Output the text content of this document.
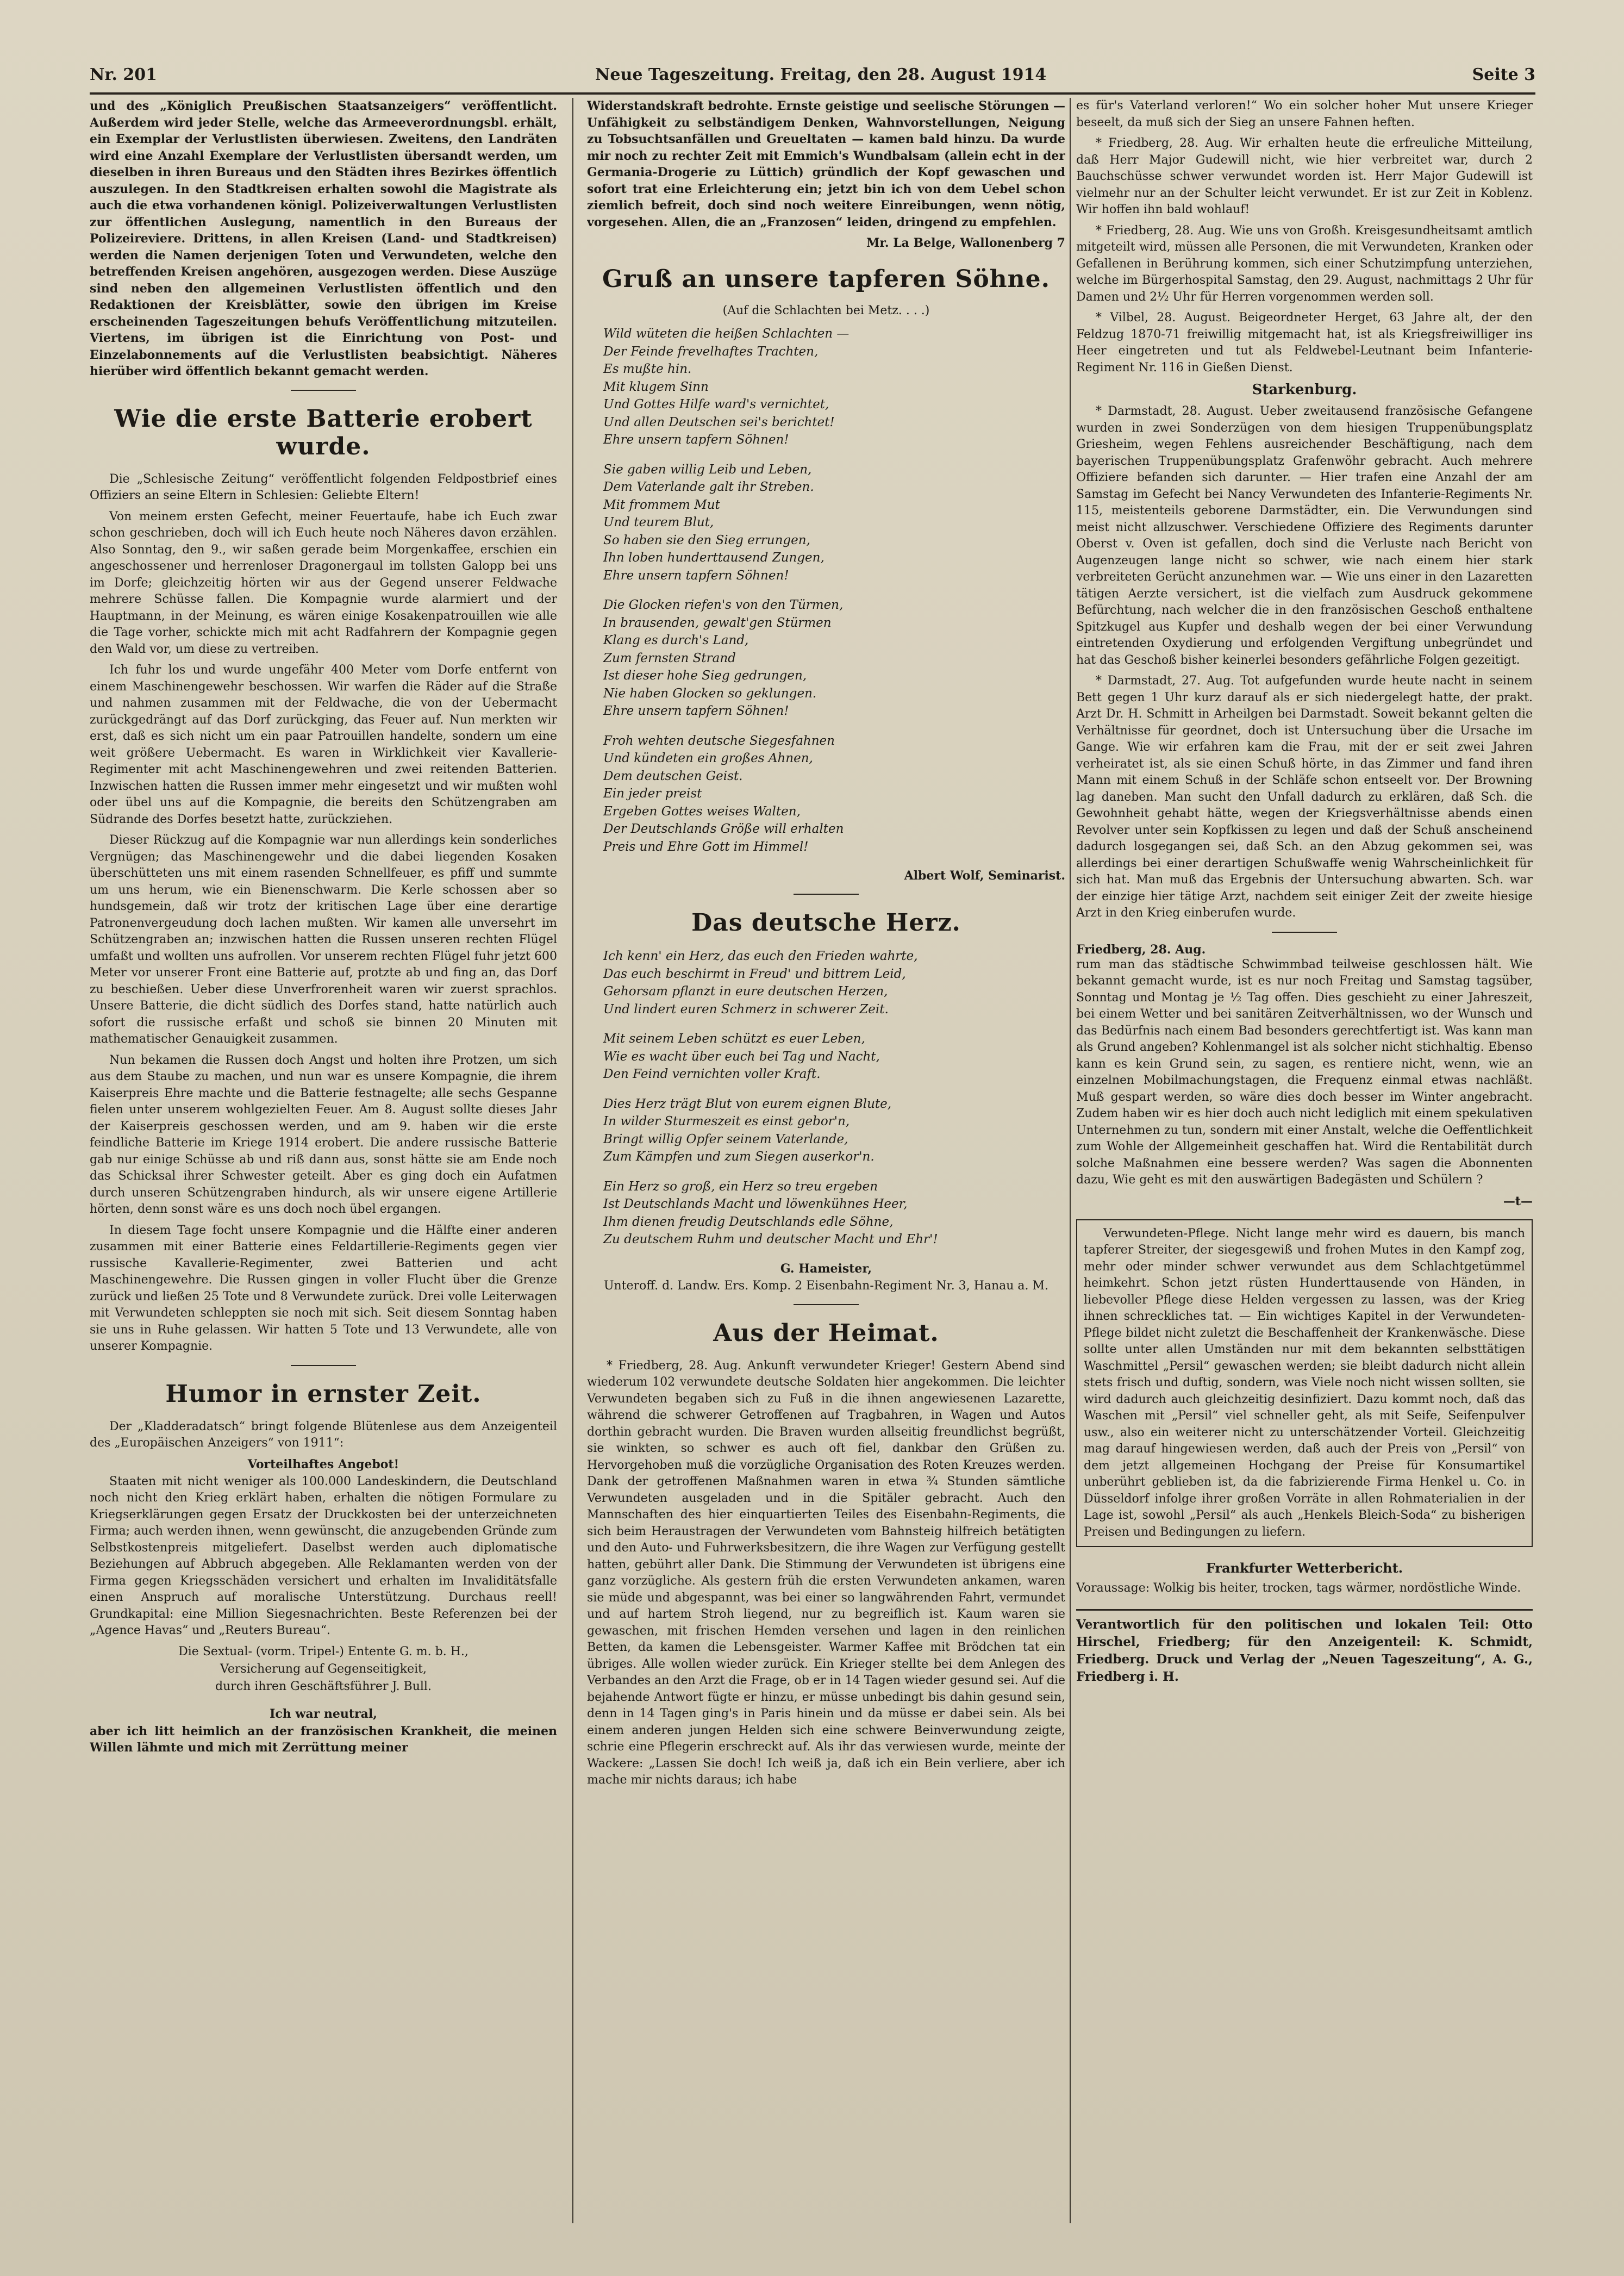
Nr. 201	Neue Tageszeitung. Freitag, den 28. August 1914	Seite 3

und des „Königlich Preußischen Staatsanzeigers“ veröffentlicht. Außerdem wird jeder Stelle, welche das Armeeverordnungsbl. erhält, ein Exemplar der Verlustlisten überwiesen. Zweitens, den Landräten wird eine Anzahl Exemplare der Verlustlisten übersandt werden, um dieselben in ihren Bureaus und den Städten ihres Bezirkes öffentlich auszulegen. In den Stadtkreisen erhalten sowohl die Magistrate als auch die etwa vorhandenen königl. Polizeiverwaltungen Verlustlisten zur öffentlichen Auslegung, namentlich in den Bureaus der Polizeireviere. Drittens, in allen Kreisen (Land- und Stadtkreisen) werden die Namen derjenigen Toten und Verwundeten, welche den betreffenden Kreisen angehören, ausgezogen werden. Diese Auszüge sind neben den allgemeinen Verlustlisten öffentlich und den Redaktionen der Kreisblätter, sowie den übrigen im Kreise erscheinenden Tageszeitungen behufs Veröffentlichung mitzuteilen. Viertens, im übrigen ist die Einrichtung von Post- und Einzelabonnements auf die Verlustlisten beabsichtigt. Näheres hierüber wird öffentlich bekannt gemacht werden.

Wie die erste Batterie erobert wurde.

Die „Schlesische Zeitung“ veröffentlicht folgenden Feldpostbrief eines Offiziers an seine Eltern in Schlesien: Geliebte Eltern!

Von meinem ersten Gefecht, meiner Feuertaufe, habe ich Euch zwar schon geschrieben, doch will ich Euch heute noch Näheres davon erzählen. Also Sonntag, den 9., wir saßen gerade beim Morgenkaffee, erschien ein angeschossener und herrenloser Dragonergaul im tollsten Galopp bei uns im Dorfe; gleichzeitig hörten wir aus der Gegend unserer Feldwache mehrere Schüsse fallen. Die Kompagnie wurde alarmiert und der Hauptmann, in der Meinung, es wären einige Kosakenpatrouillen wie alle die Tage vorher, schickte mich mit acht Radfahrern der Kompagnie gegen den Wald vor, um diese zu vertreiben.

Ich fuhr los und wurde ungefähr 400 Meter vom Dorfe entfernt von einem Maschinengewehr beschossen. Wir warfen die Räder auf die Straße und nahmen zusammen mit der Feldwache, die von der Uebermacht zurückgedrängt auf das Dorf zurückging, das Feuer auf. Nun merkten wir erst, daß es sich nicht um ein paar Patrouillen handelte, sondern um eine weit größere Uebermacht. Es waren in Wirklichkeit vier Kavallerie-Regimenter mit acht Maschinengewehren und zwei reitenden Batterien. Inzwischen hatten die Russen immer mehr eingesetzt und wir mußten wohl oder übel uns auf die Kompagnie, die bereits den Schützengraben am Südrande des Dorfes besetzt hatte, zurückziehen.

Dieser Rückzug auf die Kompagnie war nun allerdings kein sonderliches Vergnügen; das Maschinengewehr und die dabei liegenden Kosaken überschütteten uns mit einem rasenden Schnellfeuer, es pfiff und summte um uns herum, wie ein Bienenschwarm. Die Kerle schossen aber so hundsgemein, daß wir trotz der kritischen Lage über eine derartige Patronenvergeudung doch lachen mußten. Wir kamen alle unversehrt im Schützengraben an; inzwischen hatten die Russen unseren rechten Flügel umfaßt und wollten uns aufrollen. Vor unserem rechten Flügel fuhr jetzt 600 Meter vor unserer Front eine Batterie auf, protzte ab und fing an, das Dorf zu beschießen. Ueber diese Unverfrorenheit waren wir zuerst sprachlos. Unsere Batterie, die dicht südlich des Dorfes stand, hatte natürlich auch sofort die russische erfaßt und schoß sie binnen 20 Minuten mit mathematischer Genauigkeit zusammen.

Nun bekamen die Russen doch Angst und holten ihre Protzen, um sich aus dem Staube zu machen, und nun war es unsere Kompagnie, die ihrem Kaiserpreis Ehre machte und die Batterie festnagelte; alle sechs Gespanne fielen unter unserem wohlgezielten Feuer. Am 8. August sollte dieses Jahr der Kaiserpreis geschossen werden, und am 9. haben wir die erste feindliche Batterie im Kriege 1914 erobert. Die andere russische Batterie gab nur einige Schüsse ab und riß dann aus, sonst hätte sie am Ende noch das Schicksal ihrer Schwester geteilt. Aber es ging doch ein Aufatmen durch unseren Schützengraben hindurch, als wir unsere eigene Artillerie hörten, denn sonst wäre es uns doch noch übel ergangen.

In diesem Tage focht unsere Kompagnie und die Hälfte einer anderen zusammen mit einer Batterie eines Feldartillerie-Regiments gegen vier russische Kavallerie-Regimenter, zwei Batterien und acht Maschinengewehre. Die Russen gingen in voller Flucht über die Grenze zurück und ließen 25 Tote und 8 Verwundete zurück. Drei volle Leiterwagen mit Verwundeten schleppten sie noch mit sich. Seit diesem Sonntag haben sie uns in Ruhe gelassen. Wir hatten 5 Tote und 13 Verwundete, alle von unserer Kompagnie.

Humor in ernster Zeit.

Der „Kladderadatsch“ bringt folgende Blütenlese aus dem Anzeigenteil des „Europäischen Anzeigers“ von 1911“:

Vorteilhaftes Angebot!

Staaten mit nicht weniger als 100.000 Landeskindern, die Deutschland noch nicht den Krieg erklärt haben, erhalten die nötigen Formulare zu Kriegserklärungen gegen Ersatz der Druckkosten bei der unterzeichneten Firma; auch werden ihnen, wenn gewünscht, die anzugebenden Gründe zum Selbstkostenpreis mitgeliefert. Daselbst werden auch diplomatische Beziehungen auf Abbruch abgegeben. Alle Reklamanten werden von der Firma gegen Kriegsschäden versichert und erhalten im Invaliditätsfalle einen Anspruch auf moralische Unterstützung. Durchaus reell! Grundkapital: eine Million Siegesnachrichten. Beste Referenzen bei der „Agence Havas“ und „Reuters Bureau“.

Die Sextual- (vorm. Tripel-) Entente G. m. b. H.,
Versicherung auf Gegenseitigkeit,
durch ihren Geschäftsführer J. Bull.
Ich war neutral,

aber ich litt heimlich an der französischen Krankheit, die meinen Willen lähmte und mich mit Zerrüttung meiner

Widerstandskraft bedrohte. Ernste geistige und seelische Störungen — Unfähigkeit zu selbständigem Denken, Wahnvorstellungen, Neigung zu Tobsuchtsanfällen und Greueltaten — kamen bald hinzu. Da wurde mir noch zu rechter Zeit mit Emmich's Wundbalsam (allein echt in der Germania-Drogerie zu Lüttich) gründlich der Kopf gewaschen und sofort trat eine Erleichterung ein; jetzt bin ich von dem Uebel schon ziemlich befreit, doch sind noch weitere Einreibungen, wenn nötig, vorgesehen. Allen, die an „Franzosen“ leiden, dringend zu empfehlen.

Mr. La Belge, Wallonenberg 7
Gruß an unsere tapferen Söhne.
(Auf die Schlachten bei Metz. . . .)
Wild wüteten die heißen Schlachten —
Der Feinde frevelhaftes Trachten,
Es mußte hin.
Mit klugem Sinn
Und Gottes Hilfe ward's vernichtet,
Und allen Deutschen sei's berichtet!
Ehre unsern tapfern Söhnen!
Sie gaben willig Leib und Leben,
Dem Vaterlande galt ihr Streben.
Mit frommem Mut
Und teurem Blut,
So haben sie den Sieg errungen,
Ihn loben hunderttausend Zungen,
Ehre unsern tapfern Söhnen!
Die Glocken riefen's von den Türmen,
In brausenden, gewalt'gen Stürmen
Klang es durch's Land,
Zum fernsten Strand
Ist dieser hohe Sieg gedrungen,
Nie haben Glocken so geklungen.
Ehre unsern tapfern Söhnen!
Froh wehten deutsche Siegesfahnen
Und kündeten ein großes Ahnen,
Dem deutschen Geist.
Ein jeder preist
Ergeben Gottes weises Walten,
Der Deutschlands Größe will erhalten
Preis und Ehre Gott im Himmel!
Albert Wolf, Seminarist.
Das deutsche Herz.
Ich kenn' ein Herz, das euch den Frieden wahrte,
Das euch beschirmt in Freud' und bittrem Leid,
Gehorsam pflanzt in eure deutschen Herzen,
Und lindert euren Schmerz in schwerer Zeit.
Mit seinem Leben schützt es euer Leben,
Wie es wacht über euch bei Tag und Nacht,
Den Feind vernichten voller Kraft.
Dies Herz trägt Blut von eurem eignen Blute,
In wilder Sturmeszeit es einst gebor'n,
Bringt willig Opfer seinem Vaterlande,
Zum Kämpfen und zum Siegen auserkor'n.
Ein Herz so groß, ein Herz so treu ergeben
Ist Deutschlands Macht und löwenkühnes Heer,
Ihm dienen freudig Deutschlands edle Söhne,
Zu deutschem Ruhm und deutscher Macht und Ehr'!
G. Hameister,
Unteroff. d. Landw. Ers. Komp. 2 Eisenbahn-Regiment Nr. 3, Hanau a. M.
Aus der Heimat.

* Friedberg, 28. Aug. Ankunft verwundeter Krieger! Gestern Abend sind wiederum 102 verwundete deutsche Soldaten hier angekommen. Die leichter Verwundeten begaben sich zu Fuß in die ihnen angewiesenen Lazarette, während die schwerer Getroffenen auf Tragbahren, in Wagen und Autos dorthin gebracht wurden. Die Braven wurden allseitig freundlichst begrüßt, sie winkten, so schwer es auch oft fiel, dankbar den Grüßen zu. Hervorgehoben muß die vorzügliche Organisation des Roten Kreuzes werden. Dank der getroffenen Maßnahmen waren in etwa ¾ Stunden sämtliche Verwundeten ausgeladen und in die Spitäler gebracht. Auch den Mannschaften des hier einquartierten Teiles des Eisenbahn-Regiments, die sich beim Heraustragen der Verwundeten vom Bahnsteig hilfreich betätigten und den Auto- und Fuhrwerksbesitzern, die ihre Wagen zur Verfügung gestellt hatten, gebührt aller Dank. Die Stimmung der Verwundeten ist übrigens eine ganz vorzügliche. Als gestern früh die ersten Verwundeten ankamen, waren sie müde und abgespannt, was bei einer so langwährenden Fahrt, vermundet und auf hartem Stroh liegend, nur zu begreiflich ist. Kaum waren sie gewaschen, mit frischen Hemden versehen und lagen in den reinlichen Betten, da kamen die Lebensgeister. Warmer Kaffee mit Brödchen tat ein übriges. Alle wollen wieder zurück. Ein Krieger stellte bei dem Anlegen des Verbandes an den Arzt die Frage, ob er in 14 Tagen wieder gesund sei. Auf die bejahende Antwort fügte er hinzu, er müsse unbedingt bis dahin gesund sein, denn in 14 Tagen ging's in Paris hinein und da müsse er dabei sein. Als bei einem anderen jungen Helden sich eine schwere Beinverwundung zeigte, schrie eine Pflegerin erschreckt auf. Als ihr das verwiesen wurde, meinte der Wackere: „Lassen Sie doch! Ich weiß ja, daß ich ein Bein verliere, aber ich mache mir nichts daraus; ich habe

es für's Vaterland verloren!“ Wo ein solcher hoher Mut unsere Krieger beseelt, da muß sich der Sieg an unsere Fahnen heften.

* Friedberg, 28. Aug. Wir erhalten heute die erfreuliche Mitteilung, daß Herr Major Gudewill nicht, wie hier verbreitet war, durch 2 Bauchschüsse schwer verwundet worden ist. Herr Major Gudewill ist vielmehr nur an der Schulter leicht verwundet. Er ist zur Zeit in Koblenz. Wir hoffen ihn bald wohlauf!

* Friedberg, 28. Aug. Wie uns von Großh. Kreisgesundheitsamt amtlich mitgeteilt wird, müssen alle Personen, die mit Verwundeten, Kranken oder Gefallenen in Berührung kommen, sich einer Schutzimpfung unterziehen, welche im Bürgerhospital Samstag, den 29. August, nachmittags 2 Uhr für Damen und 2½ Uhr für Herren vorgenommen werden soll.

* Vilbel, 28. August. Beigeordneter Herget, 63 Jahre alt, der den Feldzug 1870-71 freiwillig mitgemacht hat, ist als Kriegsfreiwilliger ins Heer eingetreten und tut als Feldwebel-Leutnant beim Infanterie-Regiment Nr. 116 in Gießen Dienst.

Starkenburg.

* Darmstadt, 28. August. Ueber zweitausend französische Gefangene wurden in zwei Sonderzügen von dem hiesigen Truppenübungsplatz Griesheim, wegen Fehlens ausreichender Beschäftigung, nach dem bayerischen Truppenübungsplatz Grafenwöhr gebracht. Auch mehrere Offiziere befanden sich darunter. — Hier trafen eine Anzahl der am Samstag im Gefecht bei Nancy Verwundeten des Infanterie-Regiments Nr. 115, meistenteils geborene Darmstädter, ein. Die Verwundungen sind meist nicht allzuschwer. Verschiedene Offiziere des Regiments darunter Oberst v. Oven ist gefallen, doch sind die Verluste nach Bericht von Augenzeugen lange nicht so schwer, wie nach einem hier stark verbreiteten Gerücht anzunehmen war. — Wie uns einer in den Lazaretten tätigen Aerzte versichert, ist die vielfach zum Ausdruck gekommene Befürchtung, nach welcher die in den französischen Geschoß enthaltene Spitzkugel aus Kupfer und deshalb wegen der bei einer Verwundung eintretenden Oxydierung und erfolgenden Vergiftung unbegründet und hat das Geschoß bisher keinerlei besonders gefährliche Folgen gezeitigt.

* Darmstadt, 27. Aug. Tot aufgefunden wurde heute nacht in seinem Bett gegen 1 Uhr kurz darauf als er sich niedergelegt hatte, der prakt. Arzt Dr. H. Schmitt in Arheilgen bei Darmstadt. Soweit bekannt gelten die Verhältnisse für geordnet, doch ist Untersuchung über die Ursache im Gange. Wie wir erfahren kam die Frau, mit der er seit zwei Jahren verheiratet ist, als sie einen Schuß hörte, in das Zimmer und fand ihren Mann mit einem Schuß in der Schläfe schon entseelt vor. Der Browning lag daneben. Man sucht den Unfall dadurch zu erklären, daß Sch. die Gewohnheit gehabt hätte, wegen der Kriegsverhältnisse abends einen Revolver unter sein Kopfkissen zu legen und daß der Schuß anscheinend dadurch losgegangen sei, daß Sch. an den Abzug gekommen sei, was allerdings bei einer derartigen Schußwaffe wenig Wahrscheinlichkeit für sich hat. Man muß das Ergebnis der Untersuchung abwarten. Sch. war der einzige hier tätige Arzt, nachdem seit einiger Zeit der zweite hiesige Arzt in den Krieg einberufen wurde.

Friedberg, 28. Aug.

rum man das städtische Schwimmbad teilweise geschlossen hält. Wie bekannt gemacht wurde, ist es nur noch Freitag und Samstag tagsüber, Sonntag und Montag je ½ Tag offen. Dies geschieht zu einer Jahreszeit, bei einem Wetter und bei sanitären Zeitverhältnissen, wo der Wunsch und das Bedürfnis nach einem Bad besonders gerechtfertigt ist. Was kann man als Grund angeben? Kohlenmangel ist als solcher nicht stichhaltig. Ebenso kann es kein Grund sein, zu sagen, es rentiere nicht, wenn, wie an einzelnen Mobilmachungstagen, die Frequenz einmal etwas nachläßt. Muß gespart werden, so wäre dies doch besser im Winter angebracht. Zudem haben wir es hier doch auch nicht lediglich mit einem spekulativen Unternehmen zu tun, sondern mit einer Anstalt, welche die Oeffentlichkeit zum Wohle der Allgemeinheit geschaffen hat. Wird die Rentabilität durch solche Maßnahmen eine bessere werden? Was sagen die Abonnenten dazu, Wie geht es mit den auswärtigen Badegästen und Schülern ?

—t—

Verwundeten-Pflege. Nicht lange mehr wird es dauern, bis manch tapferer Streiter, der siegesgewiß und frohen Mutes in den Kampf zog, mehr oder minder schwer verwundet aus dem Schlachtgetümmel heimkehrt. Schon jetzt rüsten Hunderttausende von Händen, in liebevoller Pflege diese Helden vergessen zu lassen, was der Krieg ihnen schreckliches tat. — Ein wichtiges Kapitel in der Verwundeten-Pflege bildet nicht zuletzt die Beschaffenheit der Krankenwäsche. Diese sollte unter allen Umständen nur mit dem bekannten selbsttätigen Waschmittel „Persil“ gewaschen werden; sie bleibt dadurch nicht allein stets frisch und duftig, sondern, was Viele noch nicht wissen sollten, sie wird dadurch auch gleichzeitig desinfiziert. Dazu kommt noch, daß das Waschen mit „Persil“ viel schneller geht, als mit Seife, Seifenpulver usw., also ein weiterer nicht zu unterschätzender Vorteil. Gleichzeitig mag darauf hingewiesen werden, daß auch der Preis von „Persil“ von dem jetzt allgemeinen Hochgang der Preise für Konsumartikel unberührt geblieben ist, da die fabrizierende Firma Henkel u. Co. in Düsseldorf infolge ihrer großen Vorräte in allen Rohmaterialien in der Lage ist, sowohl „Persil“ als auch „Henkels Bleich-Soda“ zu bisherigen Preisen und Bedingungen zu liefern.

Frankfurter Wetterbericht.

Voraussage: Wolkig bis heiter, trocken, tags wärmer, nordöstliche Winde.

Verantwortlich für den politischen und lokalen Teil: Otto Hirschel, Friedberg; für den Anzeigenteil: K. Schmidt, Friedberg. Druck und Verlag der „Neuen Tageszeitung“, A. G., Friedberg i. H.
